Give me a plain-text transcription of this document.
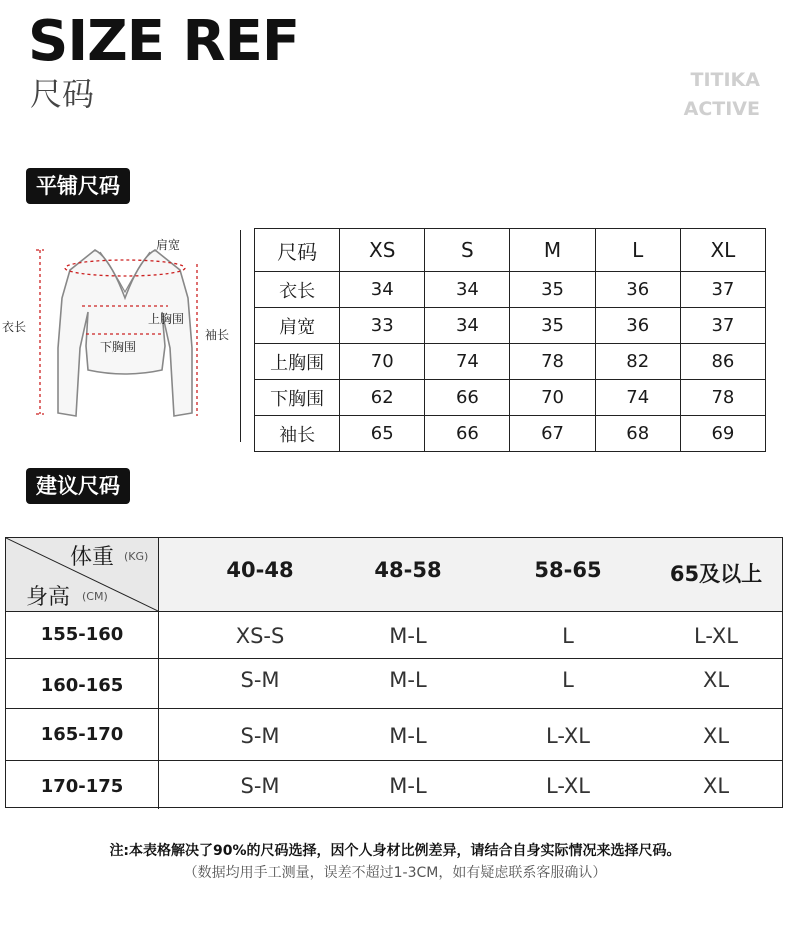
SIZE REF
尺码	TITIKA
ACTIVE
平铺尺码
肩宽
上胸围
下胸围
衣长
袖长
尺码	XS	S	M	L	XL
衣长	34	34	35	36	37
肩宽	33	34	35	36	37
上胸围	70	74	78	82	86
下胸围	62	66	70	74	78
袖长	65	66	67	68	69
建议尺码
体重 (KG)
身高 (CM)
40-48	48-58	58-65	65及以上
155-160	XS-S	M-L	L	L-XL
160-165	S-M	M-L	L	XL
165-170	S-M	M-L	L-XL	XL
170-175	S-M	M-L	L-XL	XL
注:本表格解决了90%的尺码选择，因个人身材比例差异，请结合自身实际情况来选择尺码。
（数据均用手工测量，误差不超过1-3CM，如有疑虑联系客服确认）
